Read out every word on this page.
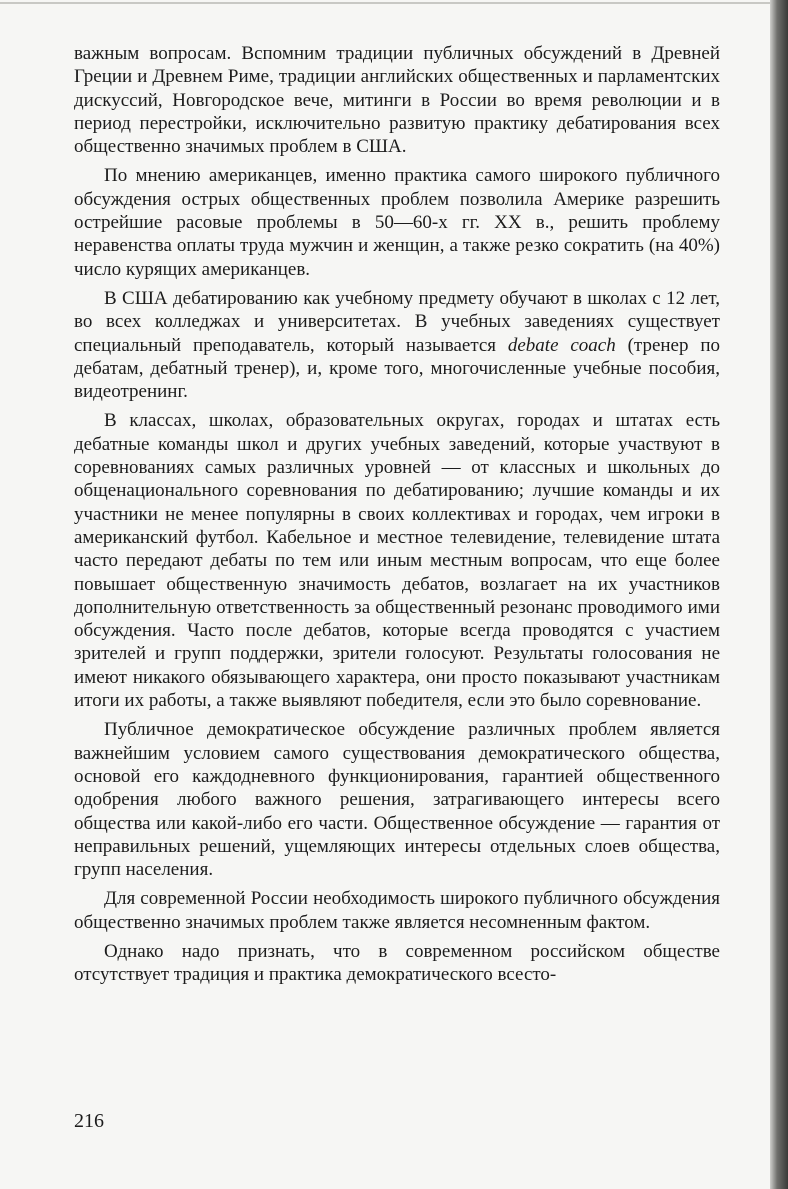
важным вопросам. Вспомним традиции публичных обсуждений в Древней Греции и Древнем Риме, традиции английских общественных и парламентских дискуссий, Новгородское вече, митинги в России во время революции и в период перестройки, исключительно развитую практику дебатирования всех общественно значимых проблем в США.

По мнению американцев, именно практика самого широкого публичного обсуждения острых общественных проблем позволила Америке разрешить острейшие расовые проблемы в 50—60-х гг. XX в., решить проблему неравенства оплаты труда мужчин и женщин, а также резко сократить (на 40%) число курящих американцев.

В США дебатированию как учебному предмету обучают в школах с 12 лет, во всех колледжах и университетах. В учебных заведениях существует специальный преподаватель, который называется debate coach (тренер по дебатам, дебатный тренер), и, кроме того, многочисленные учебные пособия, видеотренинг.

В классах, школах, образовательных округах, городах и штатах есть дебатные команды школ и других учебных заведений, которые участвуют в соревнованиях самых различных уровней — от классных и школьных до общенационального соревнования по дебатированию; лучшие команды и их участники не менее популярны в своих коллективах и городах, чем игроки в американский футбол. Кабельное и местное телевидение, телевидение штата часто передают дебаты по тем или иным местным вопросам, что еще более повышает общественную значимость дебатов, возлагает на их участников дополнительную ответственность за общественный резонанс проводимого ими обсуждения. Часто после дебатов, которые всегда проводятся с участием зрителей и групп поддержки, зрители голосуют. Результаты голосования не имеют никакого обязывающего характера, они просто показывают участникам итоги их работы, а также выявляют победителя, если это было соревнование.

Публичное демократическое обсуждение различных проблем является важнейшим условием самого существования демократического общества, основой его каждодневного функционирования, гарантией общественного одобрения любого важного решения, затрагивающего интересы всего общества или какой-либо его части. Общественное обсуждение — гарантия от неправильных решений, ущемляющих интересы отдельных слоев общества, групп населения.

Для современной России необходимость широкого публичного обсуждения общественно значимых проблем также является несомненным фактом.

Однако надо признать, что в современном российском обществе отсутствует традиция и практика демократического всесто-

216
